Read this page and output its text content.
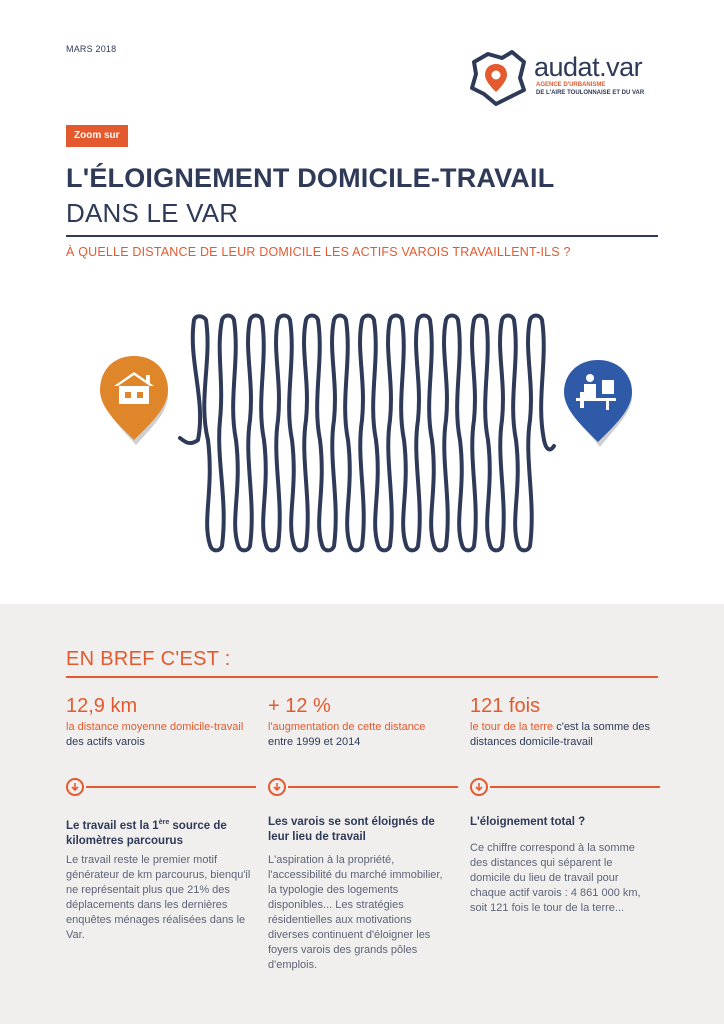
MARS 2018
audat.var
AGENCE D'URBANISME
DE L'AIRE TOULONNAISE ET DU VAR
Zoom sur
L'ÉLOIGNEMENT DOMICILE-TRAVAIL
DANS LE VAR
À QUELLE DISTANCE DE LEUR DOMICILE LES ACTIFS VAROIS TRAVAILLENT-ILS ?
EN BREF C'EST :
12,9 km
la distance moyenne domicile-travail des actifs varois
+ 12 %
l'augmentation de cette distance entre 1999 et 2014
121 fois
le tour de la terre c'est la somme des distances domicile-travail
Le travail est la 1ère source de kilomètres parcourus
Le travail reste le premier motif générateur de km parcourus, bienqu'il ne représentait plus que 21% des déplacements dans les dernières enquêtes ménages réalisées dans le Var.
Les varois se sont éloignés de leur lieu de travail
L'aspiration à la propriété, l'accessibilité du marché immobilier, la typologie des logements disponibles... Les stratégies résidentielles aux motivations diverses continuent d'éloigner les foyers varois des grands pôles d'emplois.
L'éloignement total ?
Ce chiffre correspond à la somme des distances qui séparent le domicile du lieu de travail pour chaque actif varois : 4 861 000 km, soit 121 fois le tour de la terre...
